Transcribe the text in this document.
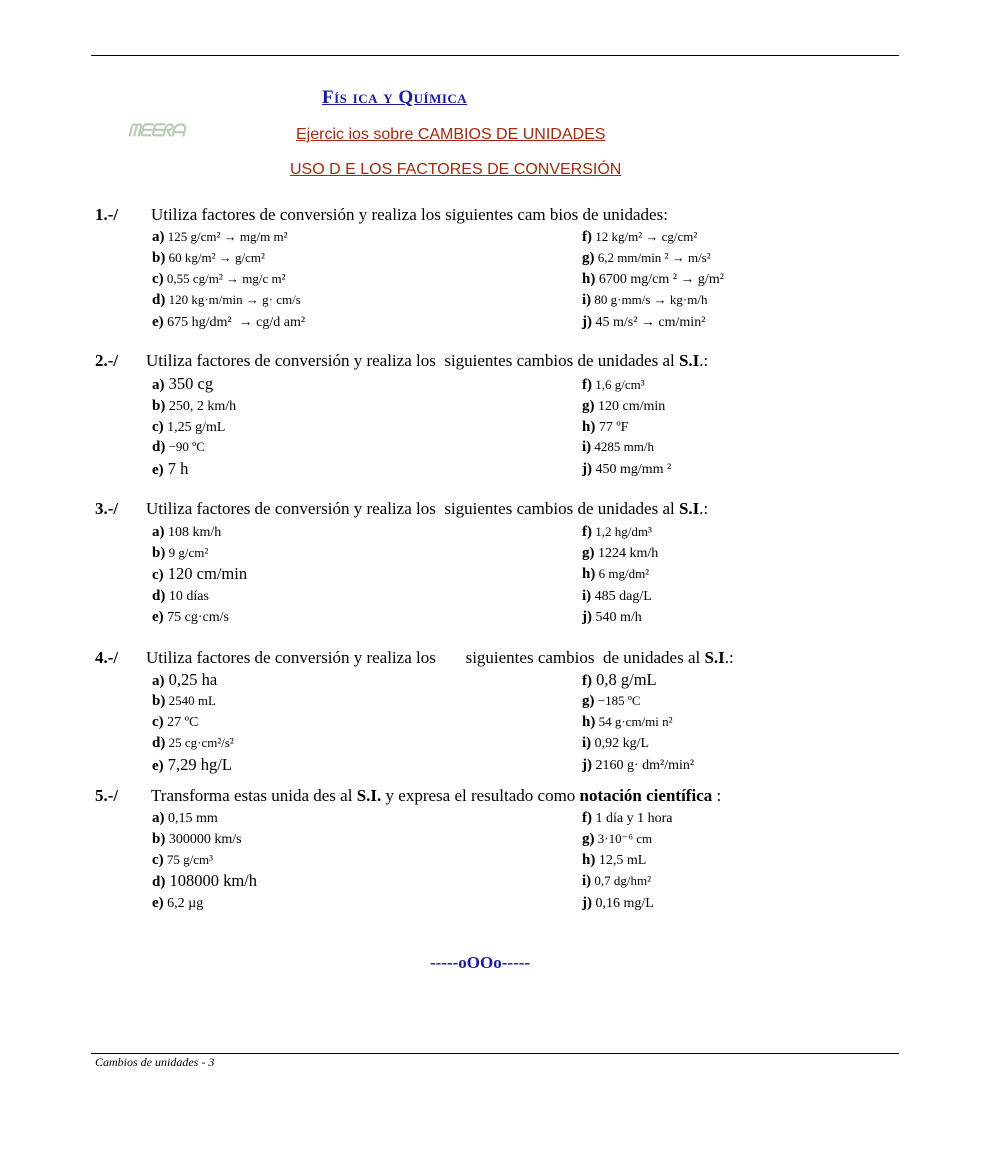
Fís ica y Química
ᗰᗴᗴᖇᗩ	Ejercic ios sobre CAMBIOS DE UNIDADES
USO D E LOS FACTORES DE CONVERSIÓN
1.-/ Utiliza factores de conversión y realiza los siguientes cam bios de unidades:
a) 125 g/cm² → mg/m m²
b) 60 kg/m² → g/cm²
c) 0,55 cg/m² → mg/c m²
d) 120 kg·m/min → g· cm/s
e) 675 hg/dm²  → cg/d am²
f) 12 kg/m² → cg/cm²
g) 6,2 mm/min ² → m/s²
h) 6700 mg/cm ² → g/m²
i) 80 g·mm/s → kg·m/h
j) 45 m/s² → cm/min²
2.-/ Utiliza factores de conversión y realiza los  siguientes cambios de unidades al S.I.:
a) 350 cg
b) 250, 2 km/h
c) 1,25 g/mL
d) −90 ºC
e) 7 h
f) 1,6 g/cm³
g) 120 cm/min
h) 77 ºF
i) 4285 mm/h
j) 450 mg/mm ²
3.-/ Utiliza factores de conversión y realiza los  siguientes cambios de unidades al S.I.:
a) 108 km/h
b) 9 g/cm²
c) 120 cm/min
d) 10 días
e) 75 cg·cm/s
f) 1,2 hg/dm³
g) 1224 km/h
h) 6 mg/dm²
i) 485 dag/L
j) 540 m/h
4.-/ Utiliza factores de conversión y realiza los       siguientes cambios  de unidades al S.I.:
a) 0,25 ha
b) 2540 mL
c) 27 ºC
d) 25 cg·cm²/s²
e) 7,29 hg/L
f) 0,8 g/mL
g) −185 ºC
h) 54 g·cm/mi n²
i) 0,92 kg/L
j) 2160 g· dm²/min²
5.-/ Transforma estas unida des al S.I. y expresa el resultado como notación científica :
a) 0,15 mm
b) 300000 km/s
c) 75 g/cm³
d) 108000 km/h
e) 6,2 µg
f) 1 día y 1 hora
g) 3·10⁻⁶ cm
h) 12,5 mL
i) 0,7 dg/hm²
j) 0,16 mg/L
-----oOOo-----
Cambios de unidades - 3
